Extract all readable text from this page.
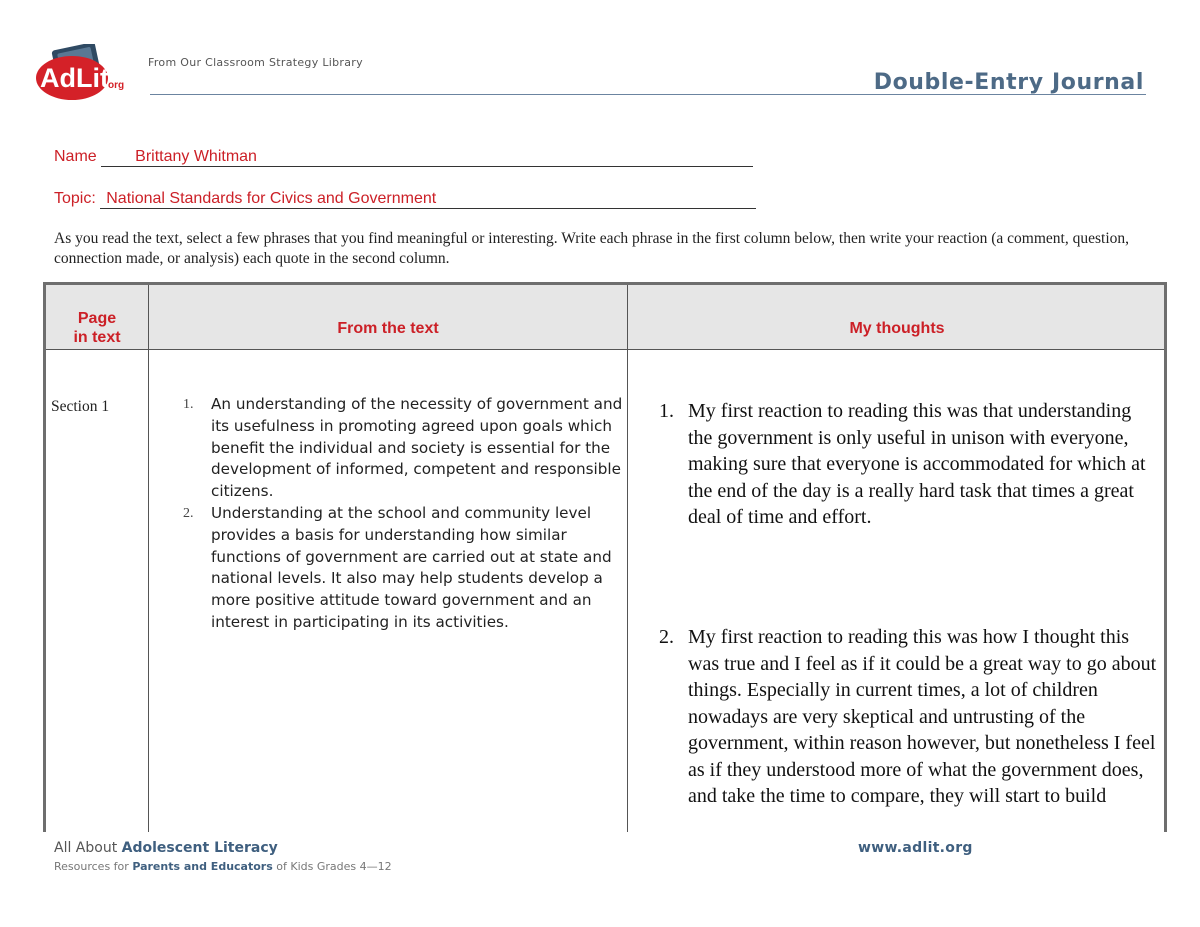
AdLit org
From Our Classroom Strategy Library
Double-Entry Journal
Name Brittany Whitman
Topic: National Standards for Civics and Government
As you read the text, select a few phrases that you find meaningful or interesting. Write each phrase in the first column below, then write your reaction (a comment, question, connection made, or analysis) each quote in the second column.
Page
in text
From the text	My thoughts
Section 1	1. An understanding of the necessity of government and its usefulness in promoting agreed upon goals which benefit the individual and society is essential for the development of informed, competent and responsible citizens.
2. Understanding at the school and community level provides a basis for understanding how similar functions of government are carried out at state and national levels. It also may help students develop a more positive attitude toward government and an interest in participating in its activities.
1. My first reaction to reading this was that understanding the government is only useful in unison with everyone, making sure that everyone is accommodated for which at the end of the day is a really hard task that times a great deal of time and effort.
2. My first reaction to reading this was how I thought this was true and I feel as if it could be a great way to go about things. Especially in current times, a lot of children nowadays are very skeptical and untrusting of the government, within reason however, but nonetheless I feel as if they understood more of what the government does, and take the time to compare, they will start to build
All About Adolescent Literacy
Resources for Parents and Educators of Kids Grades 4—12
www.adlit.org
